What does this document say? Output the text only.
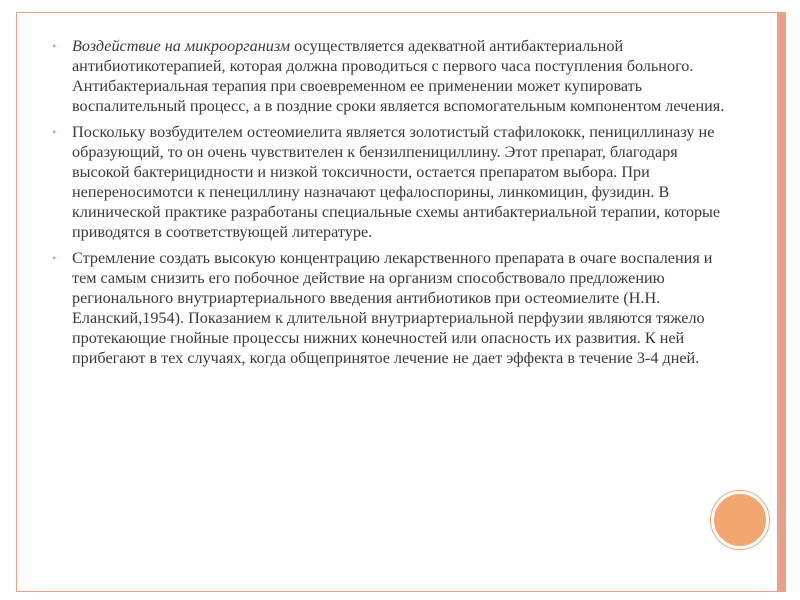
• Воздействие на микроорганизм осуществляется адекватной антибактериальной антибиотикотерапией, которая должна проводиться с первого часа поступления больного. Антибактериальная терапия при своевременном ее применении может купировать воспалительный процесс, а в поздние сроки является вспомогательным компонентом лечения.
• Поскольку возбудителем остеомиелита является золотистый стафилококк, пенициллиназу не образующий, то он очень чувствителен к бензилпенициллину. Этот препарат, благодаря высокой бактерицидности и низкой токсичности, остается препаратом выбора. При непереносимотси к пенециллину назначают цефалоспорины, линкомицин, фузидин. В клинической практике разработаны специальные схемы антибактериальной терапии, которые приводятся в соответствующей литературе.
• Стремление создать высокую концентрацию лекарственного препарата в очаге воспаления и тем самым снизить его побочное действие на организм способствовало предложению регионального внутриартериального введения антибиотиков при остеомиелите (Н.Н. Еланский,1954). Показанием к длительной внутриартериальной перфузии являются тяжело протекающие гнойные процессы нижних конечностей или опасность их развития. К ней прибегают в тех случаях, когда общепринятое лечение не дает эффекта в течение 3-4 дней.
